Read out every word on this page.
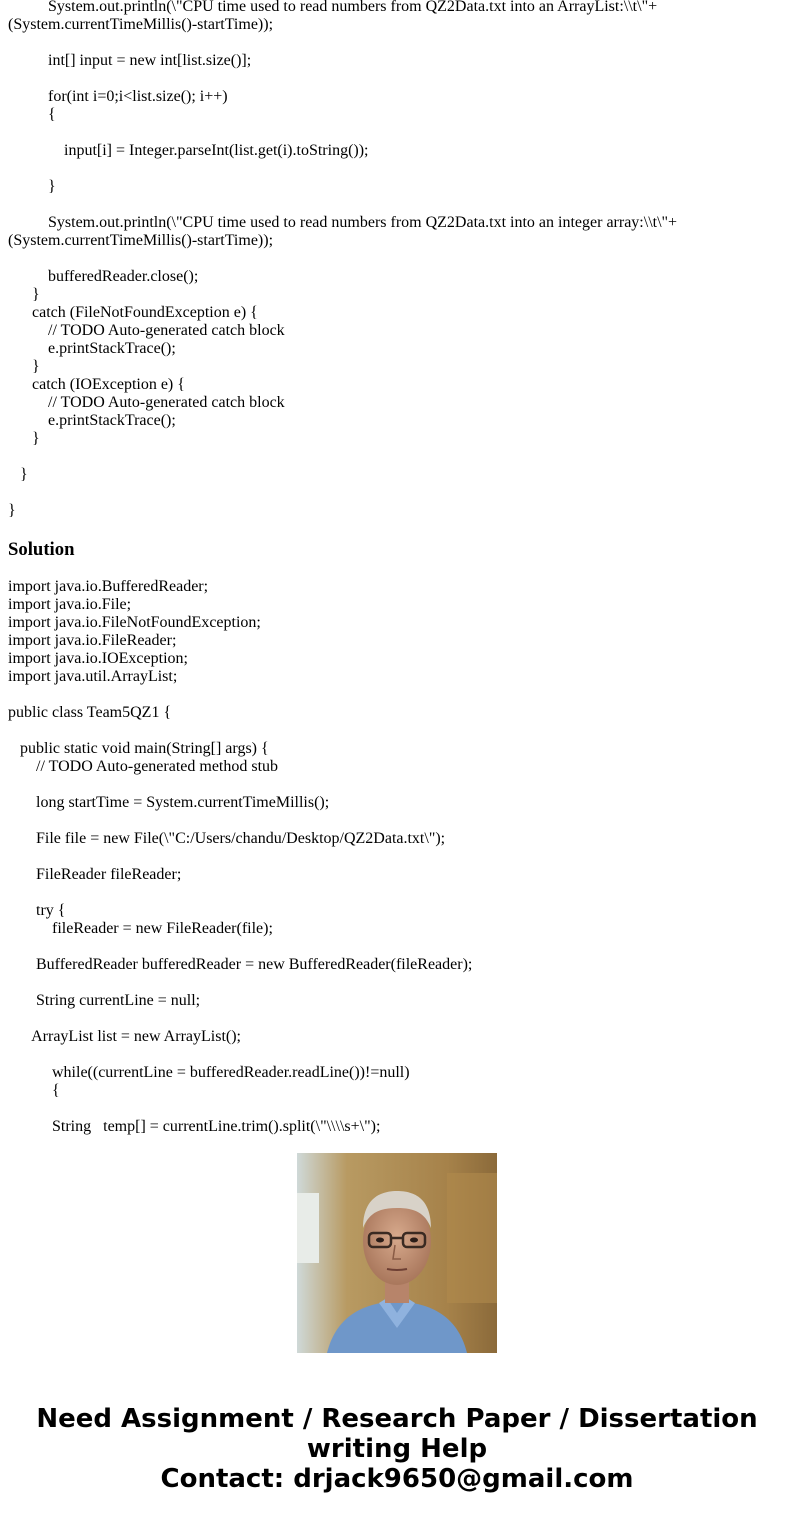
System.out.println(\"CPU time used to read numbers from QZ2Data.txt into an ArrayList:\\t\"+
(System.currentTimeMillis()-startTime));
int[] input = new int[list.size()];
for(int i=0;i<list.size(); i++)
{
input[i] = Integer.parseInt(list.get(i).toString());
}
System.out.println(\"CPU time used to read numbers from QZ2Data.txt into an integer array:\\t\"+
(System.currentTimeMillis()-startTime));
bufferedReader.close();
}
catch (FileNotFoundException e) {
// TODO Auto-generated catch block
e.printStackTrace();
}
catch (IOException e) {
// TODO Auto-generated catch block
e.printStackTrace();
}
}
}
Solution
import java.io.BufferedReader;
import java.io.File;
import java.io.FileNotFoundException;
import java.io.FileReader;
import java.io.IOException;
import java.util.ArrayList;
public class Team5QZ1 {
public static void main(String[] args) {
// TODO Auto-generated method stub
long startTime = System.currentTimeMillis();
File file = new File(\"C:/Users/chandu/Desktop/QZ2Data.txt\");
FileReader fileReader;
try {
fileReader = new FileReader(file);
BufferedReader bufferedReader = new BufferedReader(fileReader);
String currentLine = null;
ArrayList list = new ArrayList();
while((currentLine = bufferedReader.readLine())!=null)
{
String   temp[] = currentLine.trim().split(\"\\\\s+\");
Need Assignment / Research Paper / Dissertation
writing Help
Contact: drjack9650@gmail.com
